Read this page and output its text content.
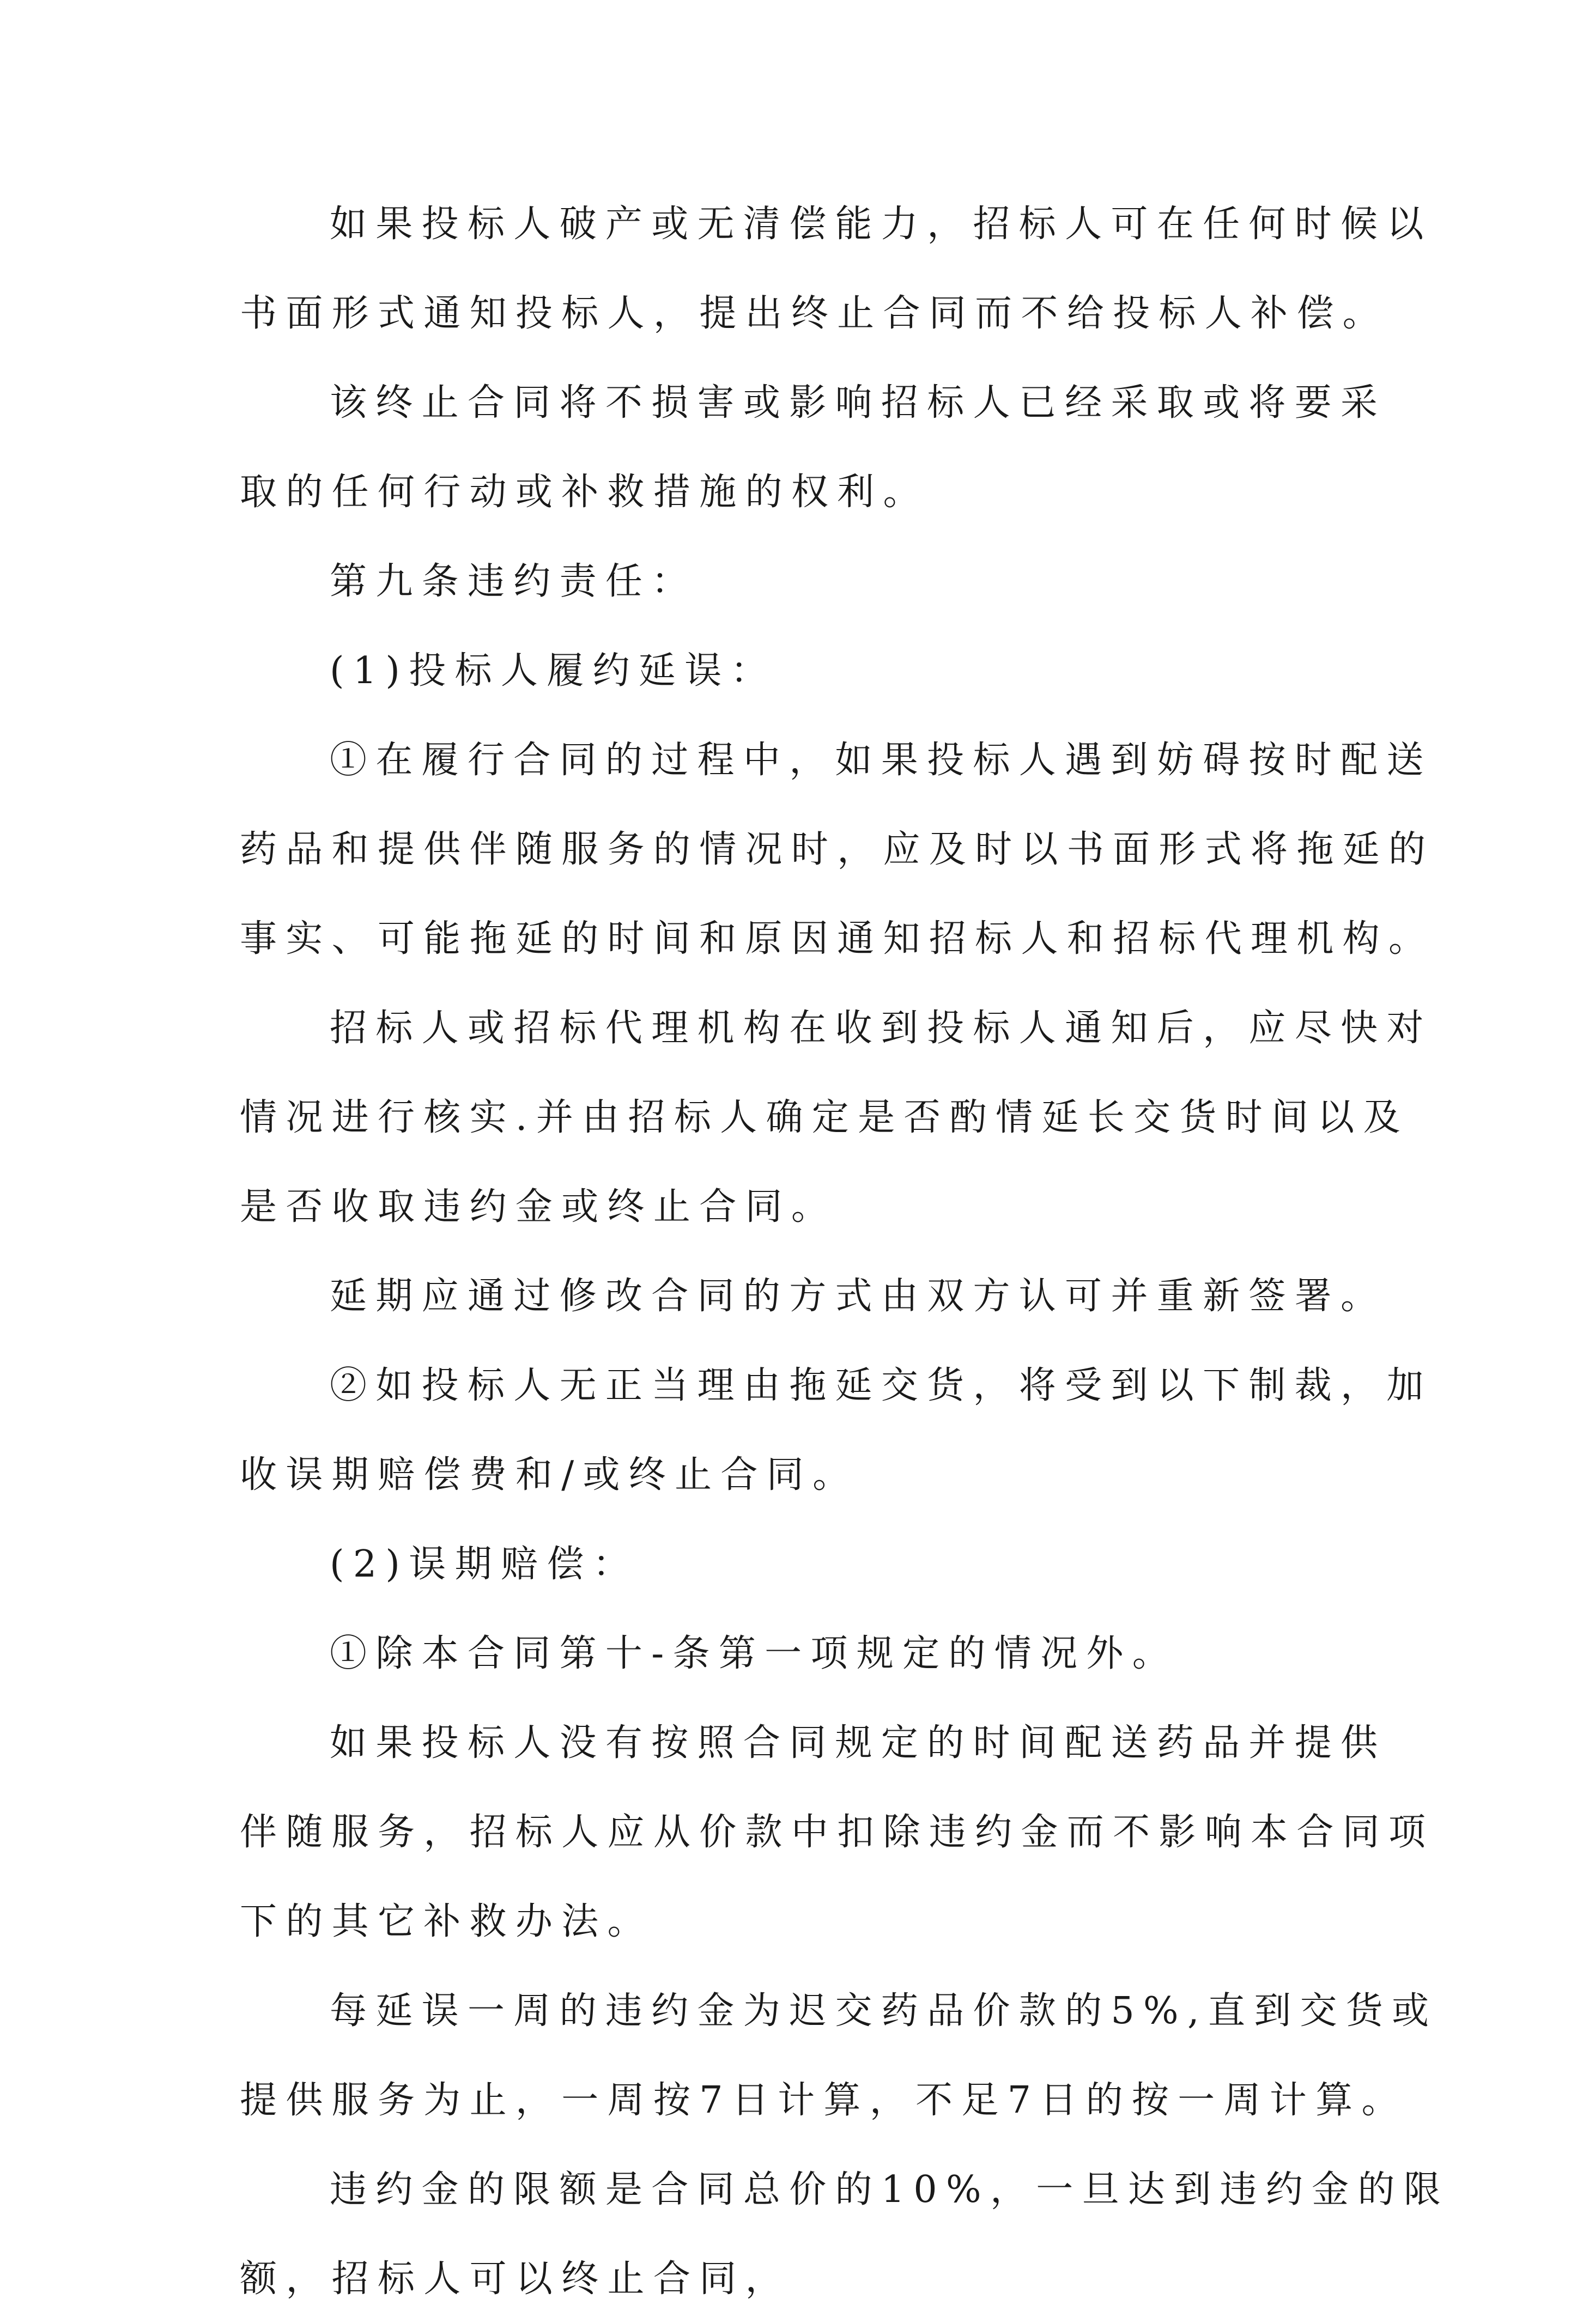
如果投标人破产或无清偿能力，招标人可在任何时候以
书面形式通知投标人，提出终止合同而不给投标人补偿。
该终止合同将不损害或影响招标人已经采取或将要采
取的任何行动或补救措施的权利。
第九条违约责任：
(1)投标人履约延误：
①在履行合同的过程中，如果投标人遇到妨碍按时配送
药品和提供伴随服务的情况时，应及时以书面形式将拖延的
事实、可能拖延的时间和原因通知招标人和招标代理机构。
招标人或招标代理机构在收到投标人通知后，应尽快对
情况进行核实.并由招标人确定是否酌情延长交货时间以及
是否收取违约金或终止合同。
延期应通过修改合同的方式由双方认可并重新签署。
②如投标人无正当理由拖延交货，将受到以下制裁，加
收误期赔偿费和/或终止合同。
(2)误期赔偿：
①除本合同第十-条第一项规定的情况外。
如果投标人没有按照合同规定的时间配送药品并提供
伴随服务，招标人应从价款中扣除违约金而不影响本合同项
下的其它补救办法。
每延误一周的违约金为迟交药品价款的5%,直到交货或
提供服务为止，一周按7日计算，不足7日的按一周计算。
违约金的限额是合同总价的10%，一旦达到违约金的限
额，招标人可以终止合同，
